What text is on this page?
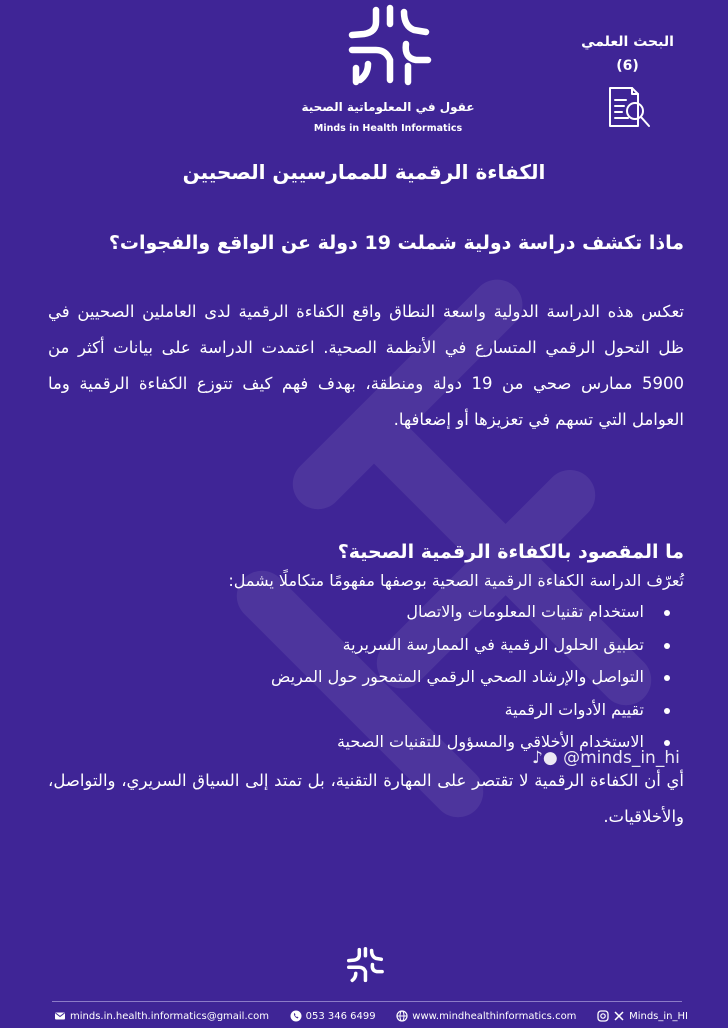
عقول في المعلوماتية الصحية
Minds in Health Informatics
البحث العلمي
(6)
الكفاءة الرقمية للممارسيين الصحيين
ماذا تكشف دراسة دولية شملت 19 دولة عن الواقع والفجوات؟
تعكس هذه الدراسة الدولية واسعة النطاق واقع الكفاءة الرقمية لدى العاملين الصحيين في ظل التحول الرقمي المتسارع في الأنظمة الصحية. اعتمدت الدراسة على بيانات أكثر من 5900 ممارس صحي من 19 دولة ومنطقة، بهدف فهم كيف تتوزع الكفاءة الرقمية وما العوامل التي تسهم في تعزيزها أو إضعافها.
ما المقصود بالكفاءة الرقمية الصحية؟
تُعرّف الدراسة الكفاءة الرقمية الصحية بوصفها مفهومًا متكاملًا يشمل:
استخدام تقنيات المعلومات والاتصال
تطبيق الحلول الرقمية في الممارسة السريرية
التواصل والإرشاد الصحي الرقمي المتمحور حول المريض
تقييم الأدوات الرقمية
الاستخدام الأخلاقي والمسؤول للتقنيات الصحية
أي أن الكفاءة الرقمية لا تقتصر على المهارة التقنية، بل تمتد إلى السياق السريري، والتواصل، والأخلاقيات.
♪● @minds_in_hi
minds.in.health.informatics@gmail.com	053 346 6499	www.mindhealthinformatics.com	Minds_in_HI
